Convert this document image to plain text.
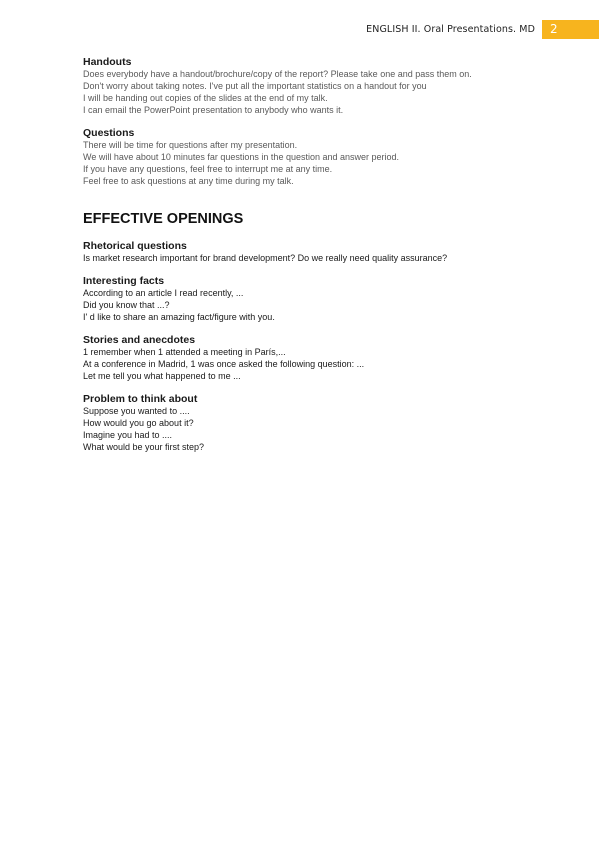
ENGLISH II. Oral Presentations. MD	2

Handouts

Does everybody have a handout/brochure/copy of the report? Please take one and pass them on.

Don't worry about taking notes. I've put all the important statistics on a handout for you

I will be handing out copies of the slides at the end of my talk.

I can email the PowerPoint presentation to anybody who wants it.

Questions

There will be time for questions after my presentation.

We will have about 10 minutes far questions in the question and answer period.

If you have any questions, feel free to interrupt me at any time.

Feel free to ask questions at any time during my talk.

EFFECTIVE OPENINGS

Rhetorical questions

Is market research important for brand development? Do we really need quality assurance?

Interesting facts

According to an article I read recently, ...

Did you know that ...?

I' d like to share an amazing fact/figure with you.

Stories and anecdotes

1 remember when 1 attended a meeting in París,...

At a conference in Madrid, 1 was once asked the following question: ...

Let me tell you what happened to me ...

Problem to think about

Suppose you wanted to ....

How would you go about it?

Imagine you had to ....

What would be your first step?
